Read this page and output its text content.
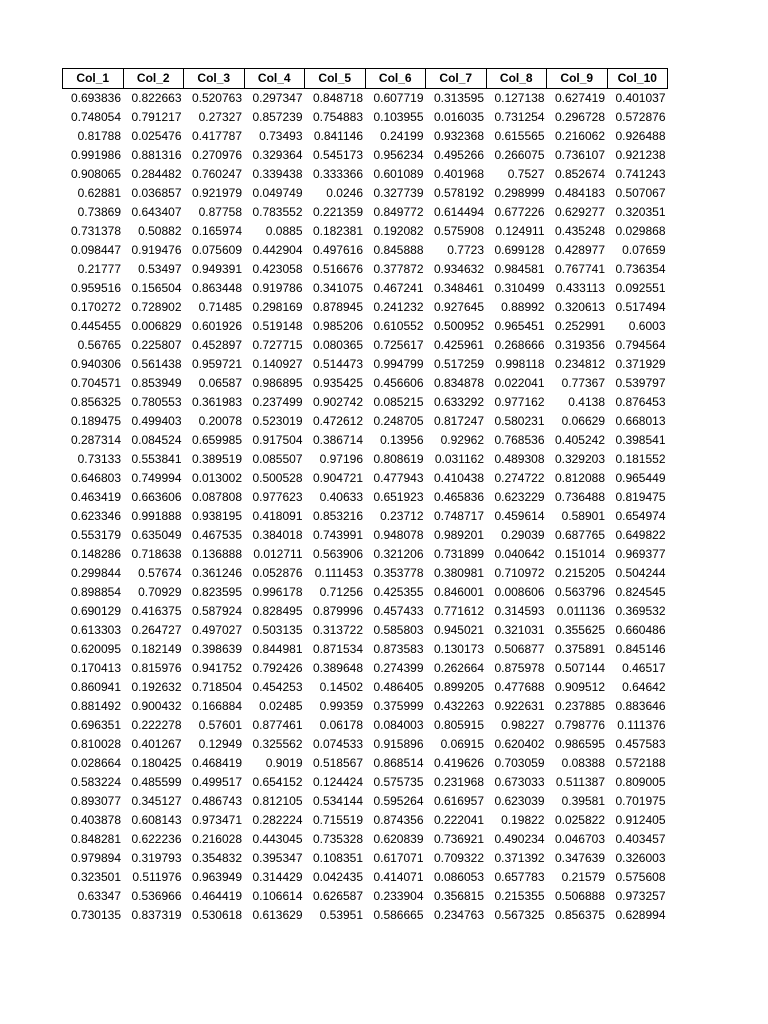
Col_1	Col_2	Col_3	Col_4	Col_5	Col_6	Col_7	Col_8	Col_9	Col_10
0.693836	0.822663	0.520763	0.297347	0.848718	0.607719	0.313595	0.127138	0.627419	0.401037
0.748054	0.791217	0.27327	0.857239	0.754883	0.103955	0.016035	0.731254	0.296728	0.572876
0.81788	0.025476	0.417787	0.73493	0.841146	0.24199	0.932368	0.615565	0.216062	0.926488
0.991986	0.881316	0.270976	0.329364	0.545173	0.956234	0.495266	0.266075	0.736107	0.921238
0.908065	0.284482	0.760247	0.339438	0.333366	0.601089	0.401968	0.7527	0.852674	0.741243
0.62881	0.036857	0.921979	0.049749	0.0246	0.327739	0.578192	0.298999	0.484183	0.507067
0.73869	0.643407	0.87758	0.783552	0.221359	0.849772	0.614494	0.677226	0.629277	0.320351
0.731378	0.50882	0.165974	0.0885	0.182381	0.192082	0.575908	0.124911	0.435248	0.029868
0.098447	0.919476	0.075609	0.442904	0.497616	0.845888	0.7723	0.699128	0.428977	0.07659
0.21777	0.53497	0.949391	0.423058	0.516676	0.377872	0.934632	0.984581	0.767741	0.736354
0.959516	0.156504	0.863448	0.919786	0.341075	0.467241	0.348461	0.310499	0.433113	0.092551
0.170272	0.728902	0.71485	0.298169	0.878945	0.241232	0.927645	0.88992	0.320613	0.517494
0.445455	0.006829	0.601926	0.519148	0.985206	0.610552	0.500952	0.965451	0.252991	0.6003
0.56765	0.225807	0.452897	0.727715	0.080365	0.725617	0.425961	0.268666	0.319356	0.794564
0.940306	0.561438	0.959721	0.140927	0.514473	0.994799	0.517259	0.998118	0.234812	0.371929
0.704571	0.853949	0.06587	0.986895	0.935425	0.456606	0.834878	0.022041	0.77367	0.539797
0.856325	0.780553	0.361983	0.237499	0.902742	0.085215	0.633292	0.977162	0.4138	0.876453
0.189475	0.499403	0.20078	0.523019	0.472612	0.248705	0.817247	0.580231	0.06629	0.668013
0.287314	0.084524	0.659985	0.917504	0.386714	0.13956	0.92962	0.768536	0.405242	0.398541
0.73133	0.553841	0.389519	0.085507	0.97196	0.808619	0.031162	0.489308	0.329203	0.181552
0.646803	0.749994	0.013002	0.500528	0.904721	0.477943	0.410438	0.274722	0.812088	0.965449
0.463419	0.663606	0.087808	0.977623	0.40633	0.651923	0.465836	0.623229	0.736488	0.819475
0.623346	0.991888	0.938195	0.418091	0.853216	0.23712	0.748717	0.459614	0.58901	0.654974
0.553179	0.635049	0.467535	0.384018	0.743991	0.948078	0.989201	0.29039	0.687765	0.649822
0.148286	0.718638	0.136888	0.012711	0.563906	0.321206	0.731899	0.040642	0.151014	0.969377
0.299844	0.57674	0.361246	0.052876	0.111453	0.353778	0.380981	0.710972	0.215205	0.504244
0.898854	0.70929	0.823595	0.996178	0.71256	0.425355	0.846001	0.008606	0.563796	0.824545
0.690129	0.416375	0.587924	0.828495	0.879996	0.457433	0.771612	0.314593	0.011136	0.369532
0.613303	0.264727	0.497027	0.503135	0.313722	0.585803	0.945021	0.321031	0.355625	0.660486
0.620095	0.182149	0.398639	0.844981	0.871534	0.873583	0.130173	0.506877	0.375891	0.845146
0.170413	0.815976	0.941752	0.792426	0.389648	0.274399	0.262664	0.875978	0.507144	0.46517
0.860941	0.192632	0.718504	0.454253	0.14502	0.486405	0.899205	0.477688	0.909512	0.64642
0.881492	0.900432	0.166884	0.02485	0.99359	0.375999	0.432263	0.922631	0.237885	0.883646
0.696351	0.222278	0.57601	0.877461	0.06178	0.084003	0.805915	0.98227	0.798776	0.111376
0.810028	0.401267	0.12949	0.325562	0.074533	0.915896	0.06915	0.620402	0.986595	0.457583
0.028664	0.180425	0.468419	0.9019	0.518567	0.868514	0.419626	0.703059	0.08388	0.572188
0.583224	0.485599	0.499517	0.654152	0.124424	0.575735	0.231968	0.673033	0.511387	0.809005
0.893077	0.345127	0.486743	0.812105	0.534144	0.595264	0.616957	0.623039	0.39581	0.701975
0.403878	0.608143	0.973471	0.282224	0.715519	0.874356	0.222041	0.19822	0.025822	0.912405
0.848281	0.622236	0.216028	0.443045	0.735328	0.620839	0.736921	0.490234	0.046703	0.403457
0.979894	0.319793	0.354832	0.395347	0.108351	0.617071	0.709322	0.371392	0.347639	0.326003
0.323501	0.511976	0.963949	0.314429	0.042435	0.414071	0.086053	0.657783	0.21579	0.575608
0.63347	0.536966	0.464419	0.106614	0.626587	0.233904	0.356815	0.215355	0.506888	0.973257
0.730135	0.837319	0.530618	0.613629	0.53951	0.586665	0.234763	0.567325	0.856375	0.628994
